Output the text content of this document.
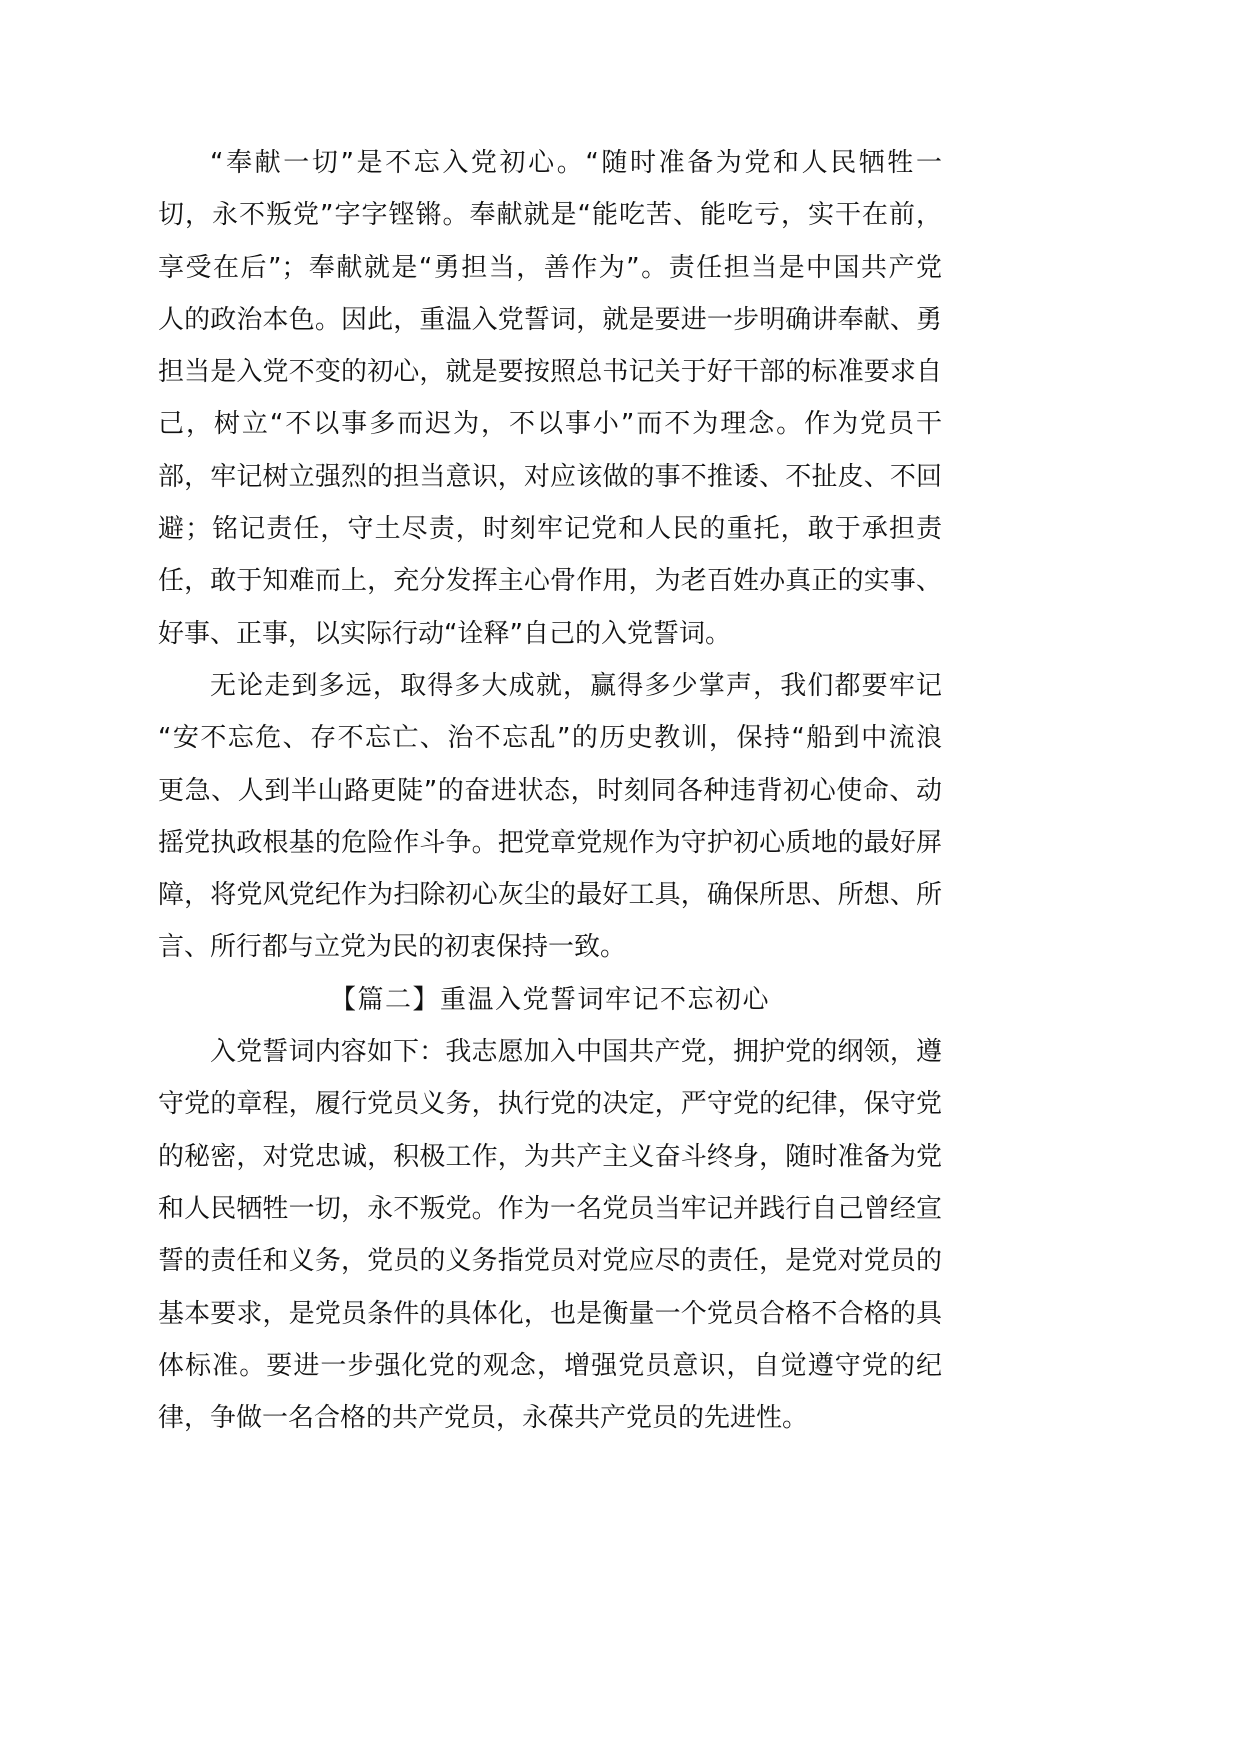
“奉献一切”是不忘入党初心。“随时准备为党和人民牺牲一
切，永不叛党”字字铿锵。奉献就是“能吃苦、能吃亏，实干在前，
享受在后”；奉献就是“勇担当，善作为”。责任担当是中国共产党
人的政治本色。因此，重温入党誓词，就是要进一步明确讲奉献、勇
担当是入党不变的初心，就是要按照总书记关于好干部的标准要求自
己，树立“不以事多而迟为，不以事小”而不为理念。作为党员干
部，牢记树立强烈的担当意识，对应该做的事不推诿、不扯皮、不回
避；铭记责任，守土尽责，时刻牢记党和人民的重托，敢于承担责
任，敢于知难而上，充分发挥主心骨作用，为老百姓办真正的实事、
好事、正事，以实际行动“诠释”自己的入党誓词。
无论走到多远，取得多大成就，赢得多少掌声，我们都要牢记
“安不忘危、存不忘亡、治不忘乱”的历史教训，保持“船到中流浪
更急、人到半山路更陡”的奋进状态，时刻同各种违背初心使命、动
摇党执政根基的危险作斗争。把党章党规作为守护初心质地的最好屏
障，将党风党纪作为扫除初心灰尘的最好工具，确保所思、所想、所
言、所行都与立党为民的初衷保持一致。
【篇二】重温入党誓词牢记不忘初心
入党誓词内容如下：我志愿加入中国共产党，拥护党的纲领，遵
守党的章程，履行党员义务，执行党的决定，严守党的纪律，保守党
的秘密，对党忠诚，积极工作，为共产主义奋斗终身，随时准备为党
和人民牺牲一切，永不叛党。作为一名党员当牢记并践行自己曾经宣
誓的责任和义务，党员的义务指党员对党应尽的责任，是党对党员的
基本要求，是党员条件的具体化，也是衡量一个党员合格不合格的具
体标准。要进一步强化党的观念，增强党员意识，自觉遵守党的纪
律，争做一名合格的共产党员，永葆共产党员的先进性。
